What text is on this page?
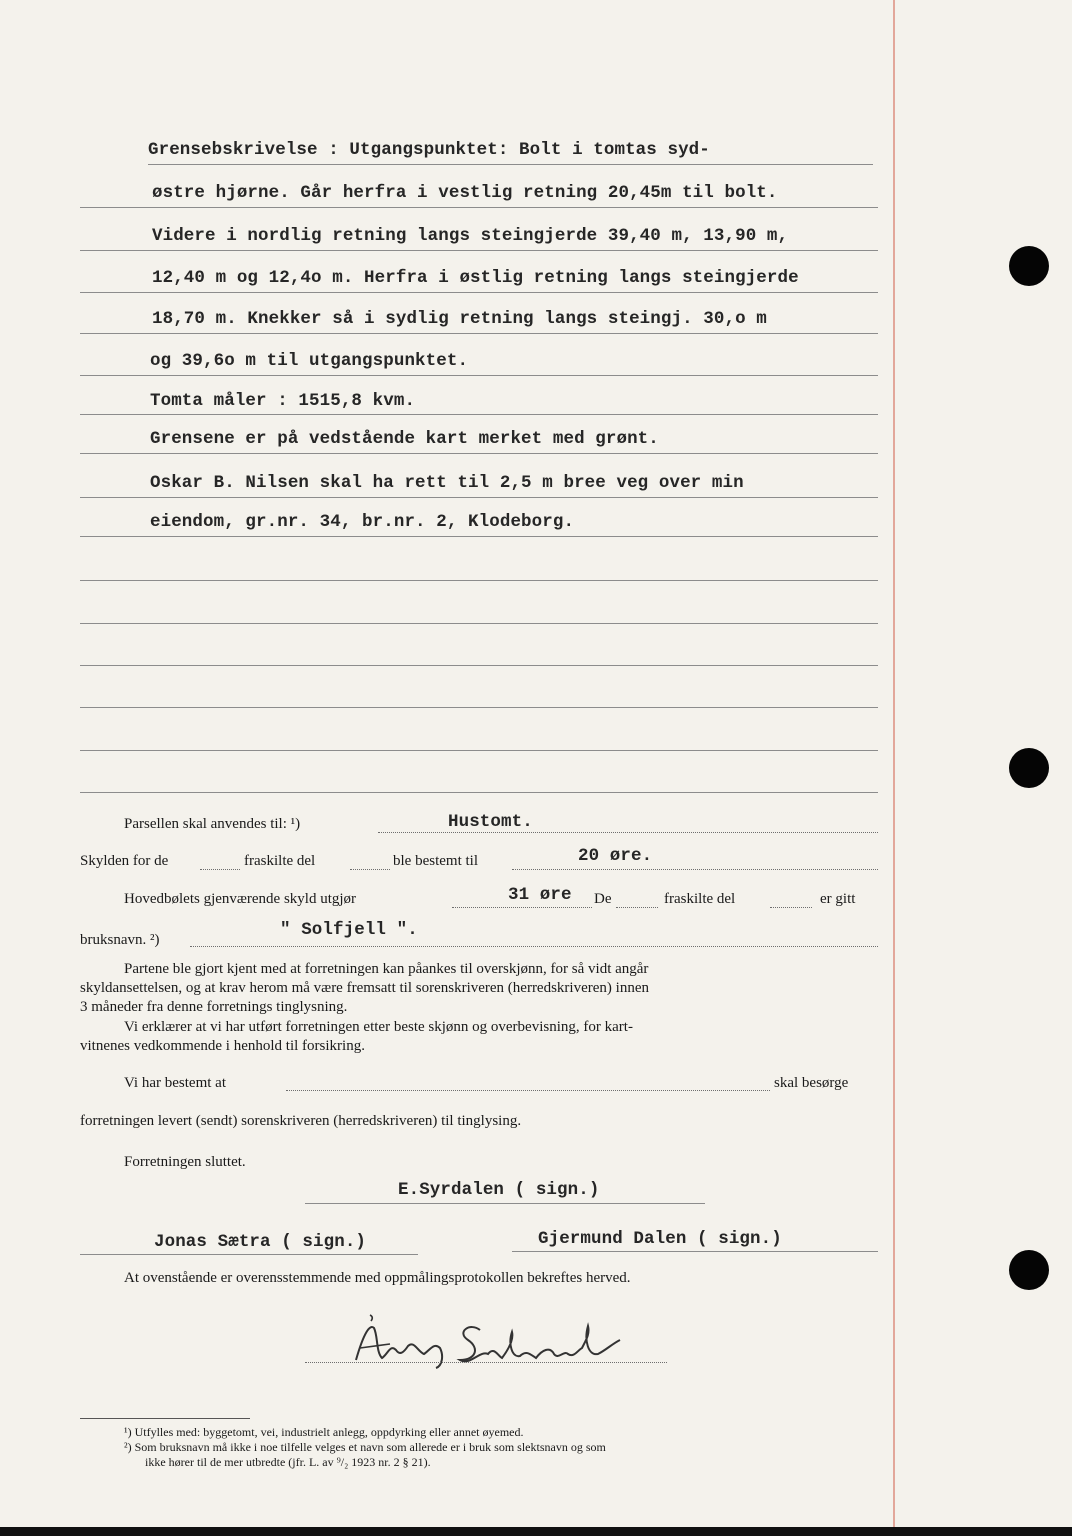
Grensebskrivelse : Utgangspunktet: Bolt i tomtas syd-
østre hjørne. Går herfra i vestlig retning 20,45m til bolt.
Videre i nordlig retning langs steingjerde 39,40 m, 13,90 m,
12,40 m og 12,4o m. Herfra i østlig retning langs steingjerde
18,70 m. Knekker så i sydlig retning langs steingj. 30,o m
og 39,6o m til utgangspunktet.
Tomta måler : 1515,8 kvm.
Grensene er på vedstående kart merket med grønt.
Oskar B. Nilsen skal ha rett til 2,5 m bree veg over min
eiendom, gr.nr. 34, br.nr. 2, Klodeborg.
Parsellen skal anvendes til: ¹)	Hustomt.
Skylden for de	fraskilte del	ble bestemt til	20 øre.
Hovedbølets gjenværende skyld utgjør	31 øre De	fraskilte del	er gitt
bruksnavn. ²)	" Solfjell ".
Partene ble gjort kjent med at forretningen kan påankes til overskjønn, for så vidt angår
skyldansettelsen, og at krav herom må være fremsatt til sorenskriveren (herredskriveren) innen
3 måneder fra denne forretnings tinglysning.
Vi erklærer at vi har utført forretningen etter beste skjønn og overbevisning, for kart-
vitnenes vedkommende i henhold til forsikring.
Vi har bestemt at	skal besørge
forretningen levert (sendt) sorenskriveren (herredskriveren) til tinglysing.
Forretningen sluttet.
E.Syrdalen ( sign.)
Jonas Sætra ( sign.)	Gjermund Dalen ( sign.)
At ovenstående er overensstemmende med oppmålingsprotokollen bekreftes herved.
¹) Utfylles med: byggetomt, vei, industrielt anlegg, oppdyrking eller annet øyemed.
²) Som bruksnavn må ikke i noe tilfelle velges et navn som allerede er i bruk som slektsnavn og som
ikke hører til de mer utbredte (jfr. L. av ⁹/₂ 1923 nr. 2 § 21).
